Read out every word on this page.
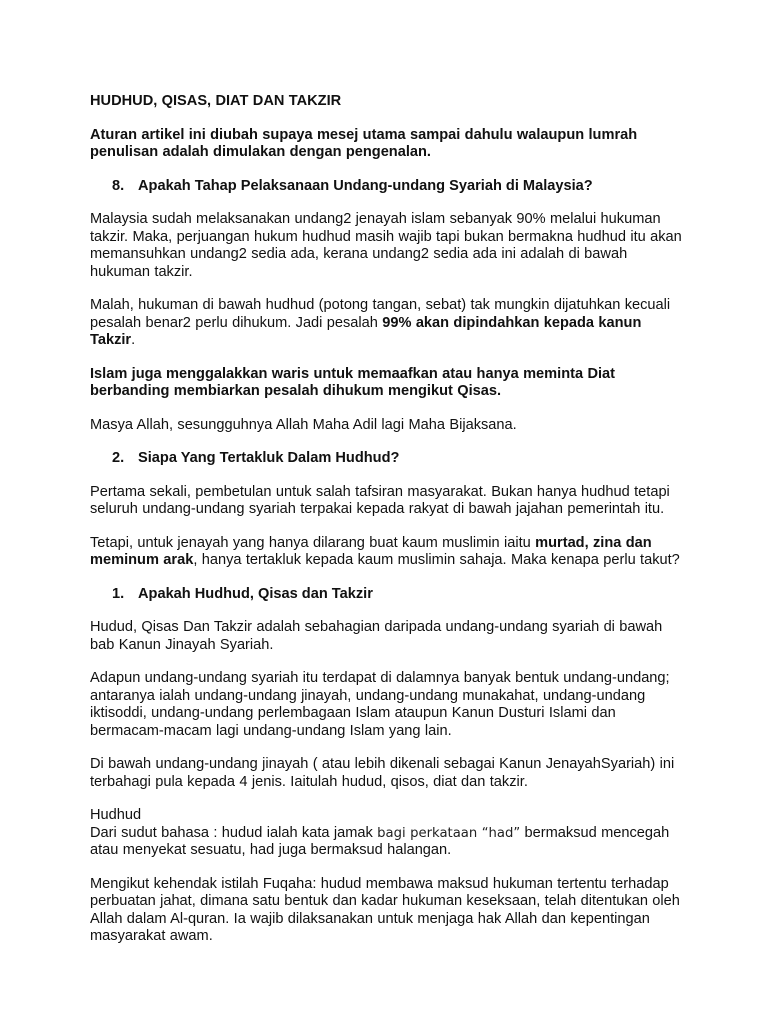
HUDHUD, QISAS, DIAT DAN TAKZIR

Aturan artikel ini diubah supaya mesej utama sampai dahulu walaupun lumrah penulisan adalah dimulakan dengan pengenalan.

8. Apakah Tahap Pelaksanaan Undang-undang Syariah di Malaysia?

Malaysia sudah melaksanakan undang2 jenayah islam sebanyak 90% melalui hukuman takzir. Maka, perjuangan hukum hudhud masih wajib tapi bukan bermakna hudhud itu akan memansuhkan undang2 sedia ada, kerana undang2 sedia ada ini adalah di bawah hukuman takzir.

Malah, hukuman di bawah hudhud (potong tangan, sebat) tak mungkin dijatuhkan kecuali pesalah benar2 perlu dihukum. Jadi pesalah 99% akan dipindahkan kepada kanun Takzir.

Islam juga menggalakkan waris untuk memaafkan atau hanya meminta Diat berbanding membiarkan pesalah dihukum mengikut Qisas.

Masya Allah, sesungguhnya Allah Maha Adil lagi Maha Bijaksana.

2. Siapa Yang Tertakluk Dalam Hudhud?

Pertama sekali, pembetulan untuk salah tafsiran masyarakat. Bukan hanya hudhud tetapi seluruh undang-undang syariah terpakai kepada rakyat di bawah jajahan pemerintah itu.

Tetapi, untuk jenayah yang hanya dilarang buat kaum muslimin iaitu murtad, zina dan meminum arak, hanya tertakluk kepada kaum muslimin sahaja. Maka kenapa perlu takut?

1. Apakah Hudhud, Qisas dan Takzir

Hudud, Qisas Dan Takzir adalah sebahagian daripada undang-undang syariah di bawah bab Kanun Jinayah Syariah.

Adapun undang-undang syariah itu terdapat di dalamnya banyak bentuk undang-undang; antaranya ialah undang-undang jinayah, undang-undang munakahat, undang-undang iktisoddi, undang-undang perlembagaan Islam ataupun Kanun Dusturi Islami dan bermacam-macam lagi undang-undang Islam yang lain.

Di bawah undang-undang jinayah ( atau lebih dikenali sebagai Kanun JenayahSyariah) ini terbahagi pula kepada 4 jenis. Iaitulah hudud, qisos, diat dan takzir.

Hudhud

Dari sudut bahasa : hudud ialah kata jamak bagi perkataan “had” bermaksud mencegah atau menyekat sesuatu, had juga bermaksud halangan.

Mengikut kehendak istilah Fuqaha: hudud membawa maksud hukuman tertentu terhadap perbuatan jahat, dimana satu bentuk dan kadar hukuman keseksaan, telah ditentukan oleh Allah dalam Al-quran. Ia wajib dilaksanakan untuk menjaga hak Allah dan kepentingan masyarakat awam.
